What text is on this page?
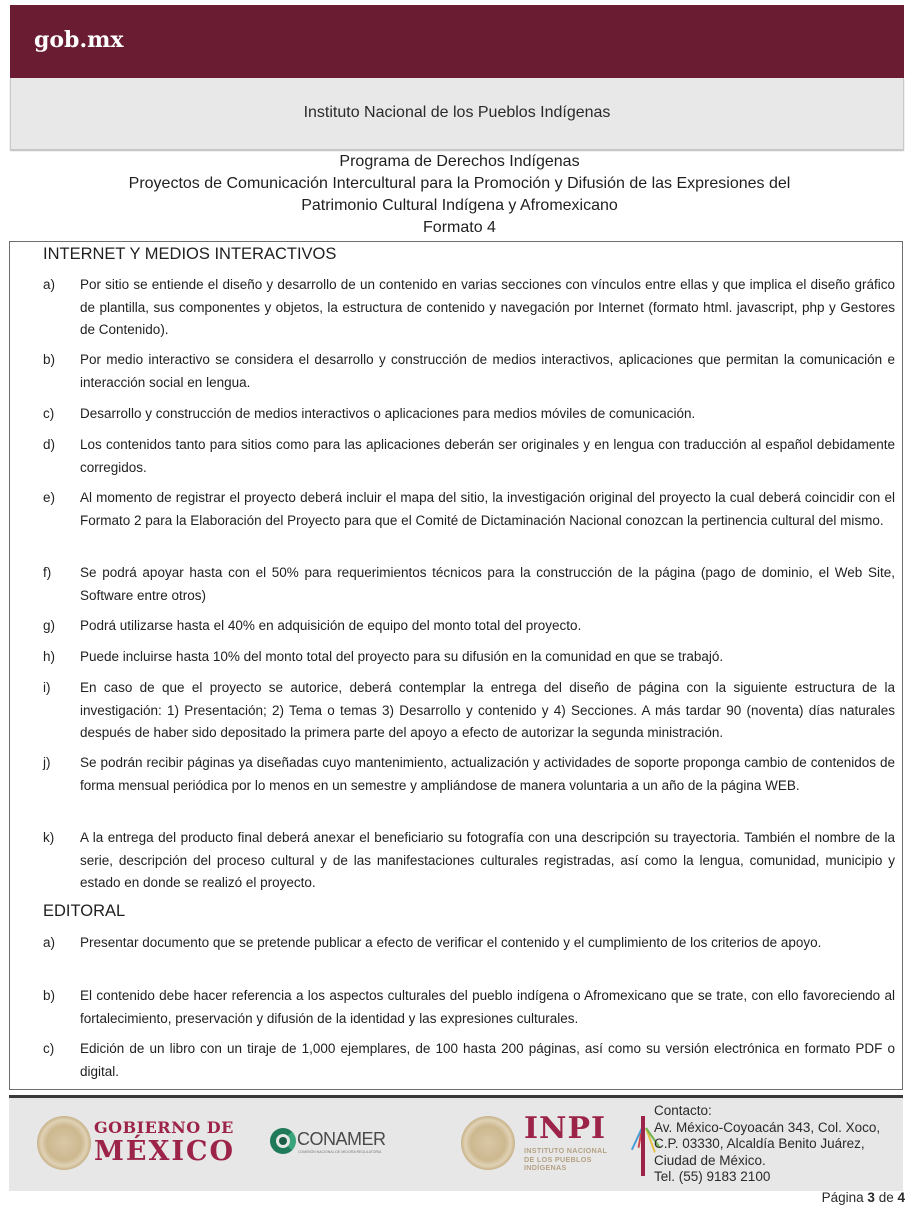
gob.mx
Instituto Nacional de los Pueblos Indígenas
Programa de Derechos Indígenas
Proyectos de Comunicación Intercultural para la Promoción y Difusión de las Expresiones del
Patrimonio Cultural Indígena y Afromexicano
Formato 4
INTERNET Y MEDIOS INTERACTIVOS
a) Por sitio se entiende el diseño y desarrollo de un contenido en varias secciones con vínculos entre ellas y que implica el diseño gráfico de plantilla, sus componentes y objetos, la estructura de contenido y navegación por Internet (formato html. javascript, php y Gestores de Contenido).
b) Por medio interactivo se considera el desarrollo y construcción de medios interactivos, aplicaciones que permitan la comunicación e interacción social en lengua.
c) Desarrollo y construcción de medios interactivos o aplicaciones para medios móviles de comunicación.
d) Los contenidos tanto para sitios como para las aplicaciones deberán ser originales y en lengua con traducción al español debidamente corregidos.
e) Al momento de registrar el proyecto deberá incluir el mapa del sitio, la investigación original del proyecto la cual deberá coincidir con el Formato 2 para la Elaboración del Proyecto para que el Comité de Dictaminación Nacional conozcan la pertinencia cultural del mismo.
f) Se podrá apoyar hasta con el 50% para requerimientos técnicos para la construcción de la página (pago de dominio, el Web Site, Software entre otros)
g) Podrá utilizarse hasta el 40% en adquisición de equipo del monto total del proyecto.
h) Puede incluirse hasta 10% del monto total del proyecto para su difusión en la comunidad en que se trabajó.
i) En caso de que el proyecto se autorice, deberá contemplar la entrega del diseño de página con la siguiente estructura de la investigación: 1) Presentación; 2) Tema o temas 3) Desarrollo y contenido y 4) Secciones. A más tardar 90 (noventa) días naturales después de haber sido depositado la primera parte del apoyo a efecto de autorizar la segunda ministración.
j) Se podrán recibir páginas ya diseñadas cuyo mantenimiento, actualización y actividades de soporte proponga cambio de contenidos de forma mensual periódica por lo menos en un semestre y ampliándose de manera voluntaria a un año de la página WEB.
k) A la entrega del producto final deberá anexar el beneficiario su fotografía con una descripción su trayectoria. También el nombre de la serie, descripción del proceso cultural y de las manifestaciones culturales registradas, así como la lengua, comunidad, municipio y estado en donde se realizó el proyecto.
EDITORAL
a) Presentar documento que se pretende publicar a efecto de verificar el contenido y el cumplimiento de los criterios de apoyo.
b) El contenido debe hacer referencia a los aspectos culturales del pueblo indígena o Afromexicano que se trate, con ello favoreciendo al fortalecimiento, preservación y difusión de la identidad y las expresiones culturales.
c) Edición de un libro con un tiraje de 1,000 ejemplares, de 100 hasta 200 páginas, así como su versión electrónica en formato PDF o digital.
GOBIERNO DE
MÉXICO	CONAMER
COMISIÓN NACIONAL DE MEJORA REGULATORIA
INPI
INSTITUTO NACIONAL
DE LOS PUEBLOS
INDÍGENAS
Contacto:
Av. México-Coyoacán 343, Col. Xoco,
C.P. 03330, Alcaldía Benito Juárez,
Ciudad de México.
Tel. (55) 9183 2100
Página 3 de 4
